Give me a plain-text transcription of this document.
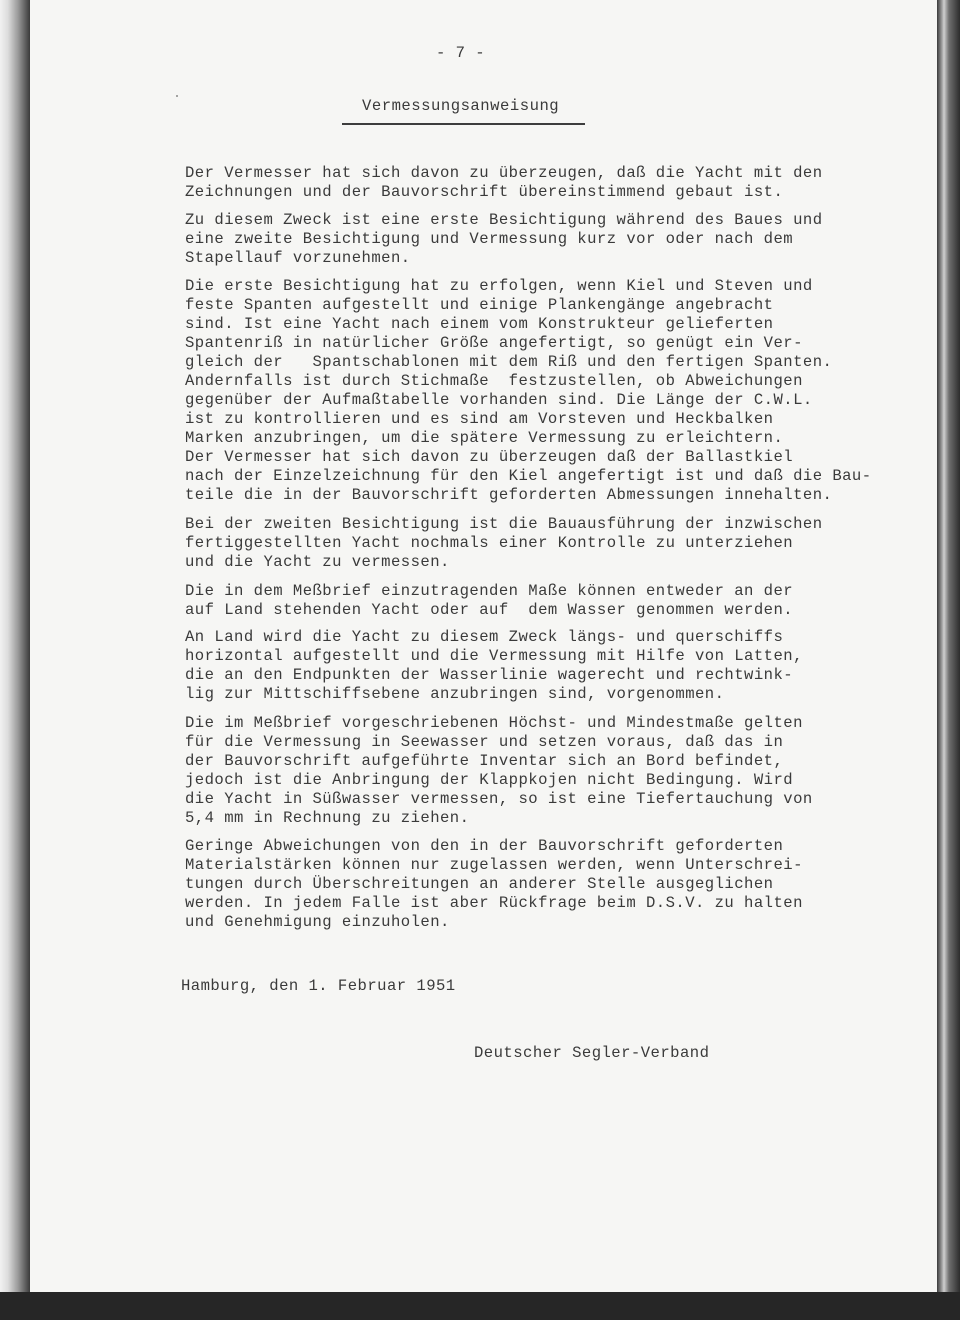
- 7 -
Vermessungsanweisung
Der Vermesser hat sich davon zu überzeugen, daß die Yacht mit den
Zeichnungen und der Bauvorschrift übereinstimmend gebaut ist.
Zu diesem Zweck ist eine erste Besichtigung während des Baues und
eine zweite Besichtigung und Vermessung kurz vor oder nach dem
Stapellauf vorzunehmen.
Die erste Besichtigung hat zu erfolgen, wenn Kiel und Steven und
feste Spanten aufgestellt und einige Plankengänge angebracht
sind. Ist eine Yacht nach einem vom Konstrukteur gelieferten
Spantenriß in natürlicher Größe angefertigt, so genügt ein Ver-
gleich der   Spantschablonen mit dem Riß und den fertigen Spanten.
Andernfalls ist durch Stichmaße  festzustellen, ob Abweichungen
gegenüber der Aufmaßtabelle vorhanden sind. Die Länge der C.W.L.
ist zu kontrollieren und es sind am Vorsteven und Heckbalken
Marken anzubringen, um die spätere Vermessung zu erleichtern.
Der Vermesser hat sich davon zu überzeugen daß der Ballastkiel
nach der Einzelzeichnung für den Kiel angefertigt ist und daß die Bau-
teile die in der Bauvorschrift geforderten Abmessungen innehalten.
Bei der zweiten Besichtigung ist die Bauausführung der inzwischen
fertiggestellten Yacht nochmals einer Kontrolle zu unterziehen
und die Yacht zu vermessen.
Die in dem Meßbrief einzutragenden Maße können entweder an der
auf Land stehenden Yacht oder auf  dem Wasser genommen werden.
An Land wird die Yacht zu diesem Zweck längs- und querschiffs
horizontal aufgestellt und die Vermessung mit Hilfe von Latten,
die an den Endpunkten der Wasserlinie wagerecht und rechtwink-
lig zur Mittschiffsebene anzubringen sind, vorgenommen.
Die im Meßbrief vorgeschriebenen Höchst- und Mindestmaße gelten
für die Vermessung in Seewasser und setzen voraus, daß das in
der Bauvorschrift aufgeführte Inventar sich an Bord befindet,
jedoch ist die Anbringung der Klappkojen nicht Bedingung. Wird
die Yacht in Süßwasser vermessen, so ist eine Tiefertauchung von
5,4 mm in Rechnung zu ziehen.
Geringe Abweichungen von den in der Bauvorschrift geforderten
Materialstärken können nur zugelassen werden, wenn Unterschrei-
tungen durch Überschreitungen an anderer Stelle ausgeglichen
werden. In jedem Falle ist aber Rückfrage beim D.S.V. zu halten
und Genehmigung einzuholen.
Hamburg, den 1. Februar 1951
Deutscher Segler-Verband
